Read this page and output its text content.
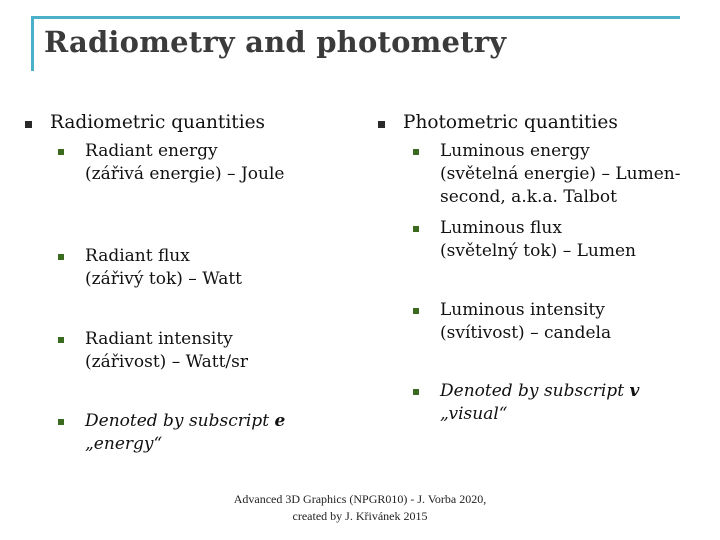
Radiometry and photometry
Radiometric quantities
Radiant energy
(zářivá energie) – Joule
Radiant flux
(zářivý tok) – Watt
Radiant intensity
(zářivost) – Watt/sr
Denoted by subscript e
„energy“
Photometric quantities
Luminous energy
(světelná energie) – Lumen-
second, a.k.a. Talbot
Luminous flux
(světelný tok) – Lumen
Luminous intensity
(svítivost) – candela
Denoted by subscript v
„visual“
Advanced 3D Graphics (NPGR010) - J. Vorba 2020,
created by J. Křivánek 2015
